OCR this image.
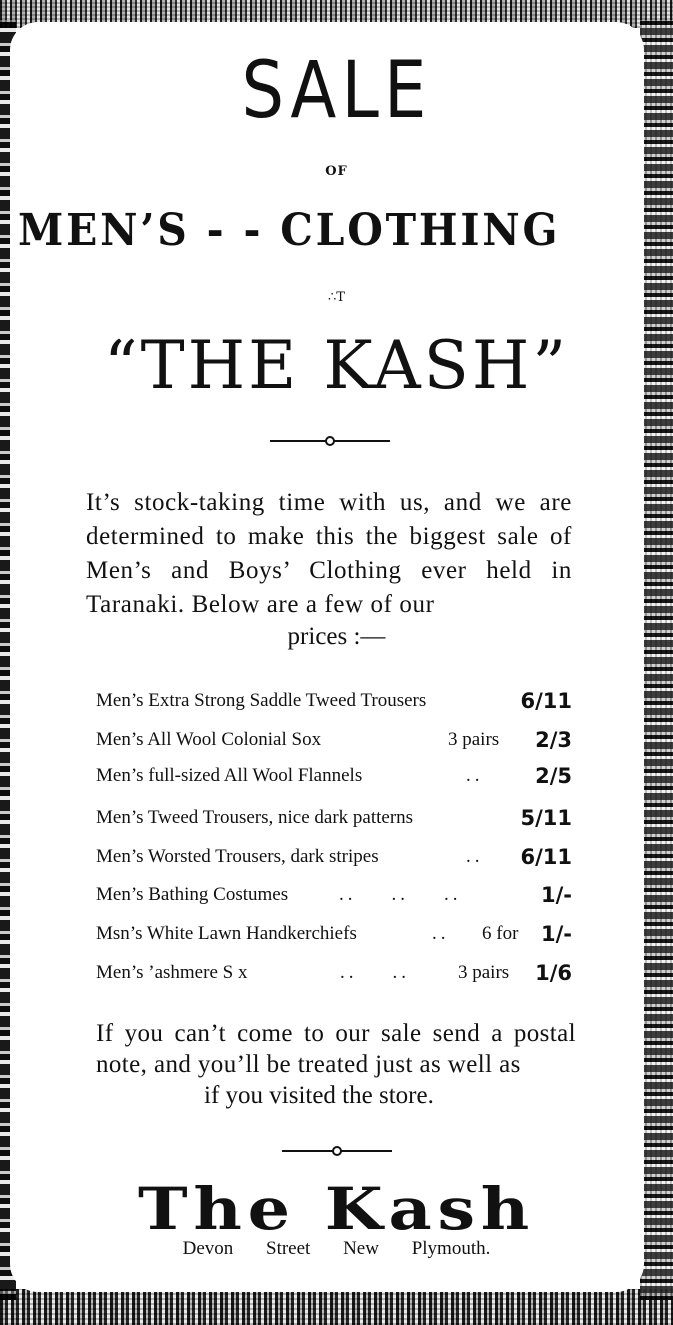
SALE
OF
MEN’S - - CLOTHING
∴T
“THE KASH”
It’s stock-taking time with us, and we are determined to make this the biggest sale of Men’s and Boys’ Clothing ever held in Taranaki. Below are a few of our
prices :—
Men’s Extra Strong Saddle Tweed Trousers	6/11
Men’s All Wool Colonial Sox	3 pairs 2/3
Men’s full-sized All Wool Flannels	.. 2/5
Men’s Tweed Trousers, nice dark patterns	5/11
Men’s Worsted Trousers, dark stripes	.. 6/11
Men’s Bathing Costumes	..    ..    ..	1/-
Msn’s White Lawn Handkerchiefs	.. 6 for 1/-
Men’s ’ashmere S x	..    ..	3 pairs 1/6
If you can’t come to our sale send a postal note, and you’ll be treated just as well as
if you visited the store.
The Kash
Devon Street New Plymouth.
